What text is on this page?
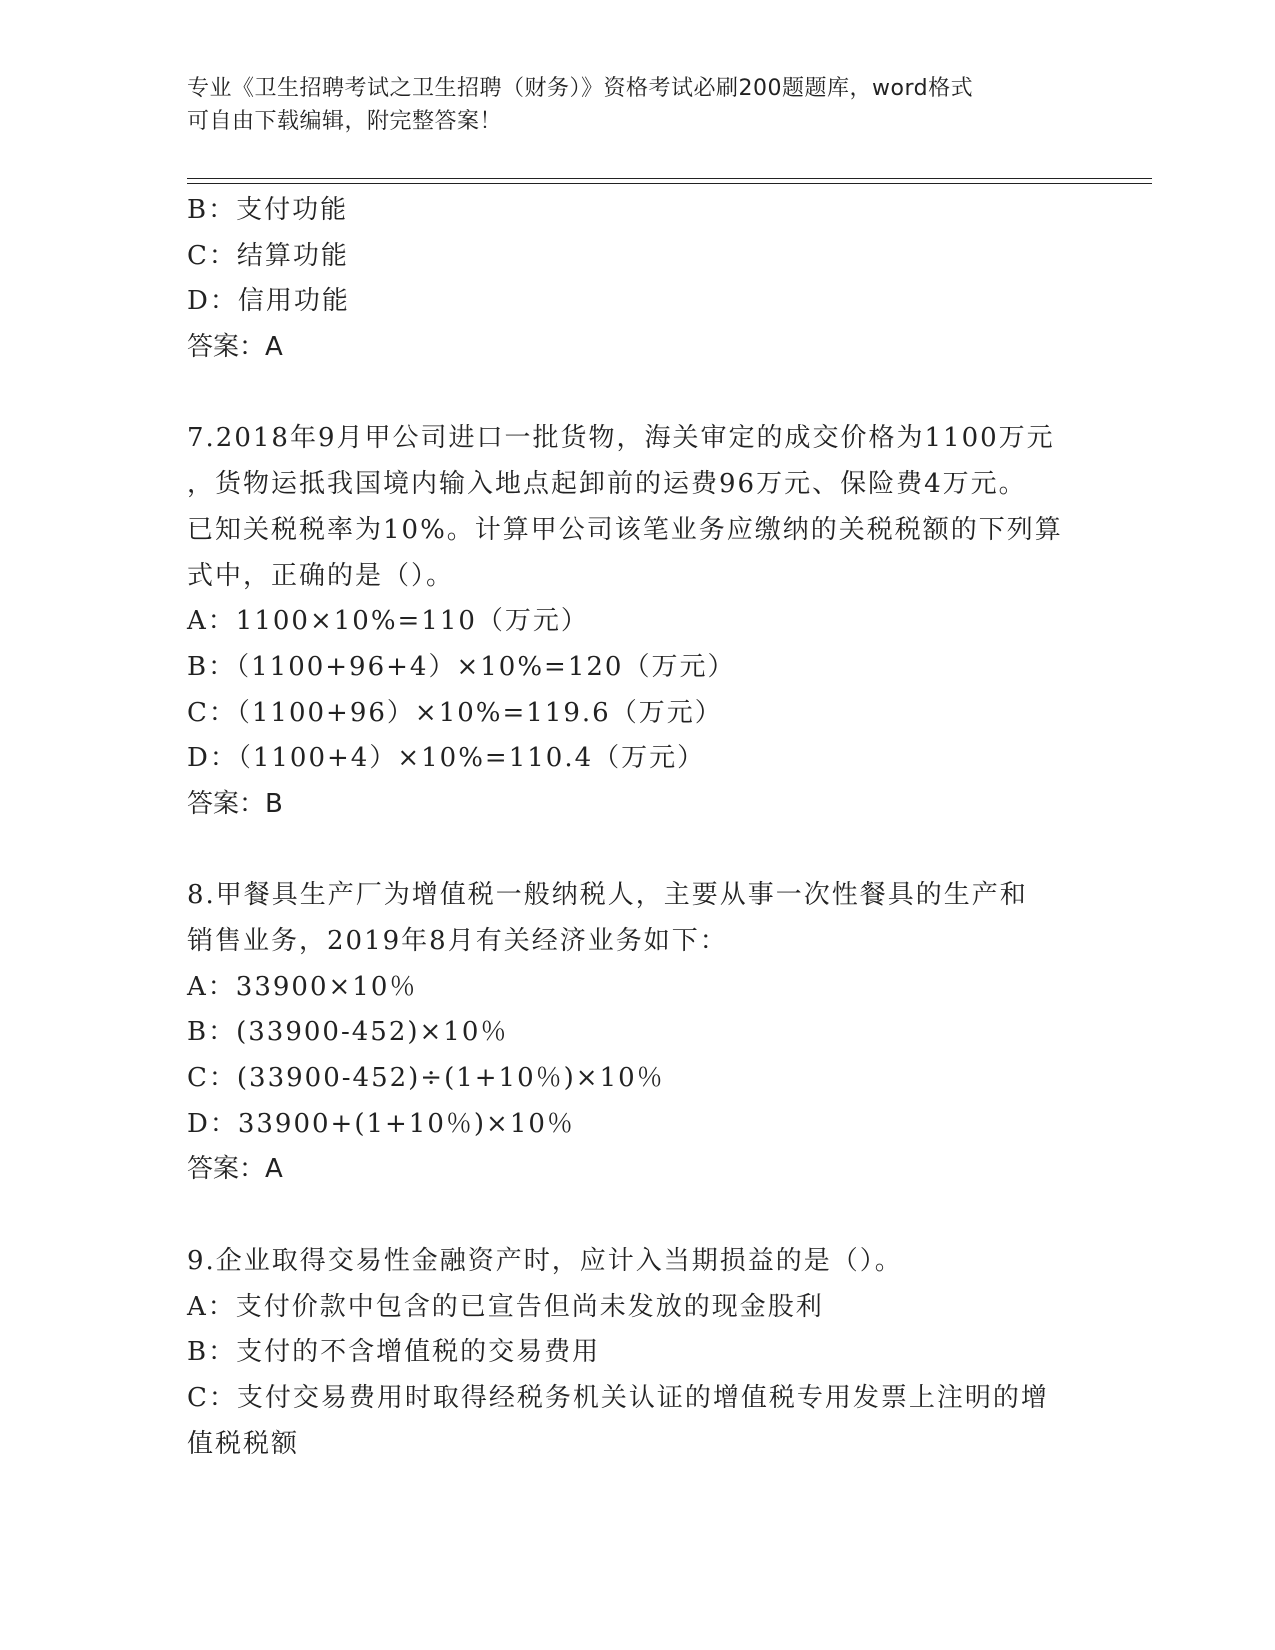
专业《卫生招聘考试之卫生招聘（财务）》资格考试必刷200题题库，word格式
可自由下载编辑，附完整答案！
B：支付功能
C：结算功能
D：信用功能
答案：A
7.2018年9月甲公司进口一批货物，海关审定的成交价格为1100万元
，货物运抵我国境内输入地点起卸前的运费96万元、保险费4万元。
已知关税税率为10%。计算甲公司该笔业务应缴纳的关税税额的下列算
式中，正确的是（）。
A：1100×10%=110（万元）
B：（1100+96+4）×10%=120（万元）
C：（1100+96）×10%=119.6（万元）
D：（1100+4）×10%=110.4（万元）
答案：B
8.甲餐具生产厂为增值税一般纳税人，主要从事一次性餐具的生产和
销售业务，2019年8月有关经济业务如下：
A：33900×10％
B：(33900-452)×10％
C：(33900-452)÷(1+10％)×10％
D：33900+(1+10％)×10％
答案：A
9.企业取得交易性金融资产时，应计入当期损益的是（）。
A：支付价款中包含的已宣告但尚未发放的现金股利
B：支付的不含增值税的交易费用
C：支付交易费用时取得经税务机关认证的增值税专用发票上注明的增
值税税额
